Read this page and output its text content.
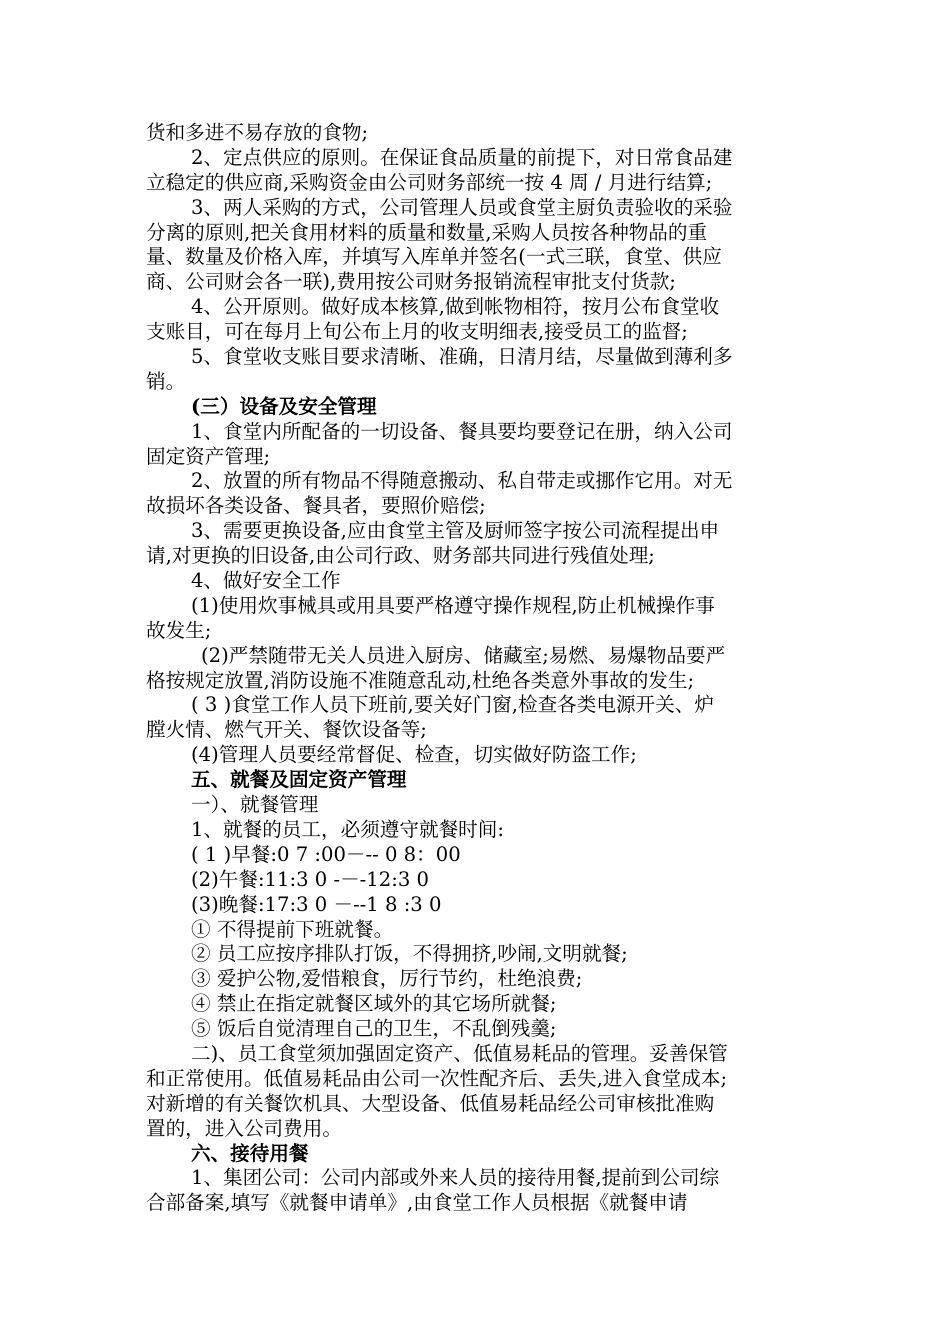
货和多进不易存放的食物;
2、定点供应的原则。在保证食品质量的前提下，对日常食品建
立稳定的供应商,采购资金由公司财务部统一按 4 周 / 月进行结算;
3、两人采购的方式，公司管理人员或食堂主厨负责验收的采验
分离的原则,把关食用材料的质量和数量,采购人员按各种物品的重
量、数量及价格入库，并填写入库单并签名(一式三联，食堂、供应
商、公司财会各一联),费用按公司财务报销流程审批支付货款;
4、公开原则。做好成本核算,做到帐物相符，按月公布食堂收
支账目，可在每月上旬公布上月的收支明细表,接受员工的监督;
5、食堂收支账目要求清晰、准确，日清月结，尽量做到薄利多
销。
(三）设备及安全管理
1、食堂内所配备的一切设备、餐具要均要登记在册，纳入公司
固定资产管理;
2、放置的所有物品不得随意搬动、私自带走或挪作它用。对无
故损坏各类设备、餐具者，要照价赔偿;
3、需要更换设备,应由食堂主管及厨师签字按公司流程提出申
请,对更换的旧设备,由公司行政、财务部共同进行残值处理;
4、做好安全工作
(1)使用炊事械具或用具要严格遵守操作规程,防止机械操作事
故发生;
(2)严禁随带无关人员进入厨房、储藏室;易燃、易爆物品要严
格按规定放置,消防设施不准随意乱动,杜绝各类意外事故的发生;
( 3 )食堂工作人员下班前,要关好门窗,检查各类电源开关、炉
膛火情、燃气开关、餐饮设备等;
(4)管理人员要经常督促、检查，切实做好防盗工作;
五、就餐及固定资产管理
一）、就餐管理
1、就餐的员工，必须遵守就餐时间:
( 1 )早餐:0 7 :00－-- 0 8：00
(2)午餐:11:3 0 -－-12:3 0
(3)晚餐:17:3 0 －--1 8 :3 0
① 不得提前下班就餐。
② 员工应按序排队打饭，不得拥挤,吵闹,文明就餐;
③ 爱护公物,爱惜粮食，厉行节约，杜绝浪费;
④ 禁止在指定就餐区域外的其它场所就餐;
⑤ 饭后自觉清理自己的卫生，不乱倒残羹;
二)、员工食堂须加强固定资产、低值易耗品的管理。妥善保管
和正常使用。低值易耗品由公司一次性配齐后、丢失,进入食堂成本;
对新增的有关餐饮机具、大型设备、低值易耗品经公司审核批准购
置的，进入公司费用。
六、接待用餐
1、集团公司：公司内部或外来人员的接待用餐,提前到公司综
合部备案,填写《就餐申请单》,由食堂工作人员根据《就餐申请
